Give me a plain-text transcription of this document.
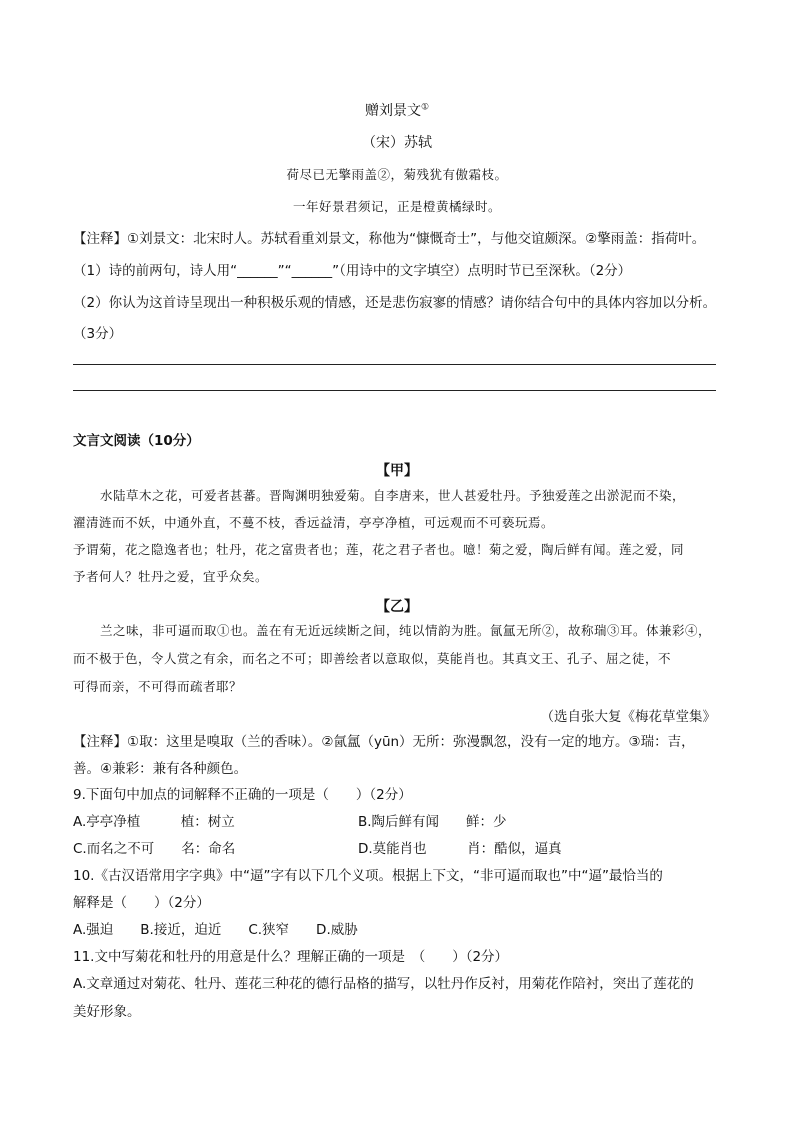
赠刘景文①
（宋）苏轼
荷尽已无擎雨盖②，菊残犹有傲霜枝。
一年好景君须记，正是橙黄橘绿时。
【注释】①刘景文：北宋时人。苏轼看重刘景文，称他为“慷慨奇士”，与他交谊颇深。②擎雨盖：指荷叶。
（1）诗的前两句，诗人用“______”“______”（用诗中的文字填空）点明时节已至深秋。（2分）
（2）你认为这首诗呈现出一种积极乐观的情感，还是悲伤寂寥的情感？请你结合句中的具体内容加以分析。
（3分）
文言文阅读（10分）
【甲】
水陆草木之花，可爱者甚蕃。晋陶渊明独爱菊。自李唐来，世人甚爱牡丹。予独爱莲之出淤泥而不染，
濯清涟而不妖，中通外直，不蔓不枝，香远益清，亭亭净植，可远观而不可亵玩焉。
予谓菊，花之隐逸者也；牡丹，花之富贵者也；莲，花之君子者也。噫！菊之爱，陶后鲜有闻。莲之爱，同
予者何人？牡丹之爱，宜乎众矣。
【乙】
兰之味，非可逼而取①也。盖在有无近远续断之间，纯以情韵为胜。氤氲无所②，故称瑞③耳。体兼彩④，
而不极于色，令人赏之有余，而名之不可；即善绘者以意取似，莫能肖也。其真文王、孔子、屈之徒，不
可得而亲，不可得而疏者耶？
（选自张大复《梅花草堂集》
【注释】①取：这里是嗅取（兰的香味）。②氤氲（yūn）无所：弥漫飘忽，没有一定的地方。③瑞：吉，
善。④兼彩：兼有各种颜色。
9.下面句中加点的词解释不正确的一项是（　　）（2分）
A.亭亭净植　　　植：树立	B.陶后鲜有闻　　鲜：少
C.而名之不可　　名：命名	D.莫能肖也　　　肖：酷似，逼真
10.《古汉语常用字字典》中“逼”字有以下几个义项。根据上下文，“非可逼而取也”中“逼”最恰当的
解释是（　　）（2分）
A.强迫　　B.接近，迫近　　C.狭窄　　D.威胁
11.文中写菊花和牡丹的用意是什么？理解正确的一项是　（　　）（2分）
A.文章通过对菊花、牡丹、莲花三种花的德行品格的描写，以牡丹作反衬，用菊花作陪衬，突出了莲花的
美好形象。
